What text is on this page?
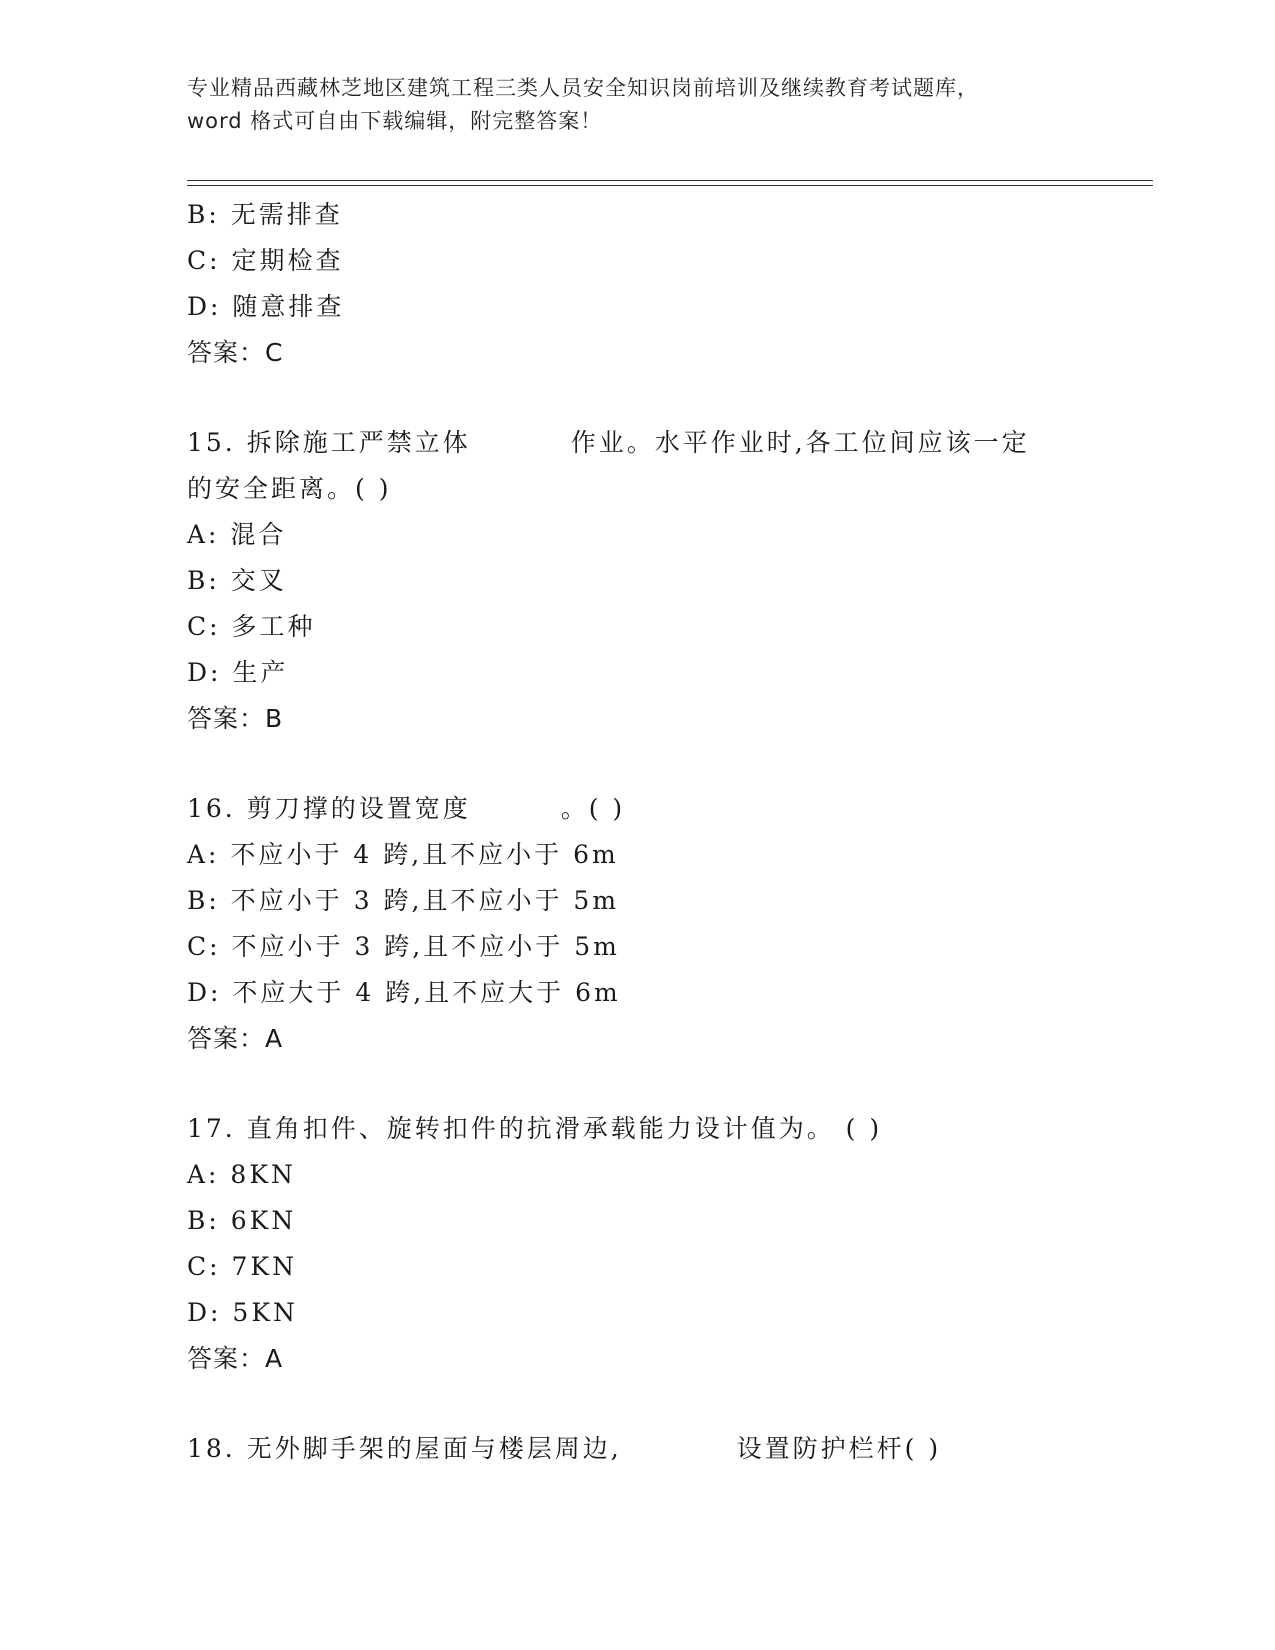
专业精品西藏林芝地区建筑工程三类人员安全知识岗前培训及继续教育考试题库，
word 格式可自由下载编辑，附完整答案！
B: 无需排查
C: 定期检查
D: 随意排查
答案：C
15. 拆除施工严禁立体	作业。水平作业时,各工位间应该一定
的安全距离。( )
A: 混合
B: 交叉
C: 多工种
D: 生产
答案：B
16. 剪刀撑的设置宽度	。( )
A: 不应小于 4 跨,且不应小于 6m
B: 不应小于 3 跨,且不应小于 5m
C: 不应小于 3 跨,且不应小于 5m
D: 不应大于 4 跨,且不应大于 6m
答案：A
17. 直角扣件、旋转扣件的抗滑承载能力设计值为。 ( )
A: 8KN
B: 6KN
C: 7KN
D: 5KN
答案：A
18. 无外脚手架的屋面与楼层周边,	设置防护栏杆( )
